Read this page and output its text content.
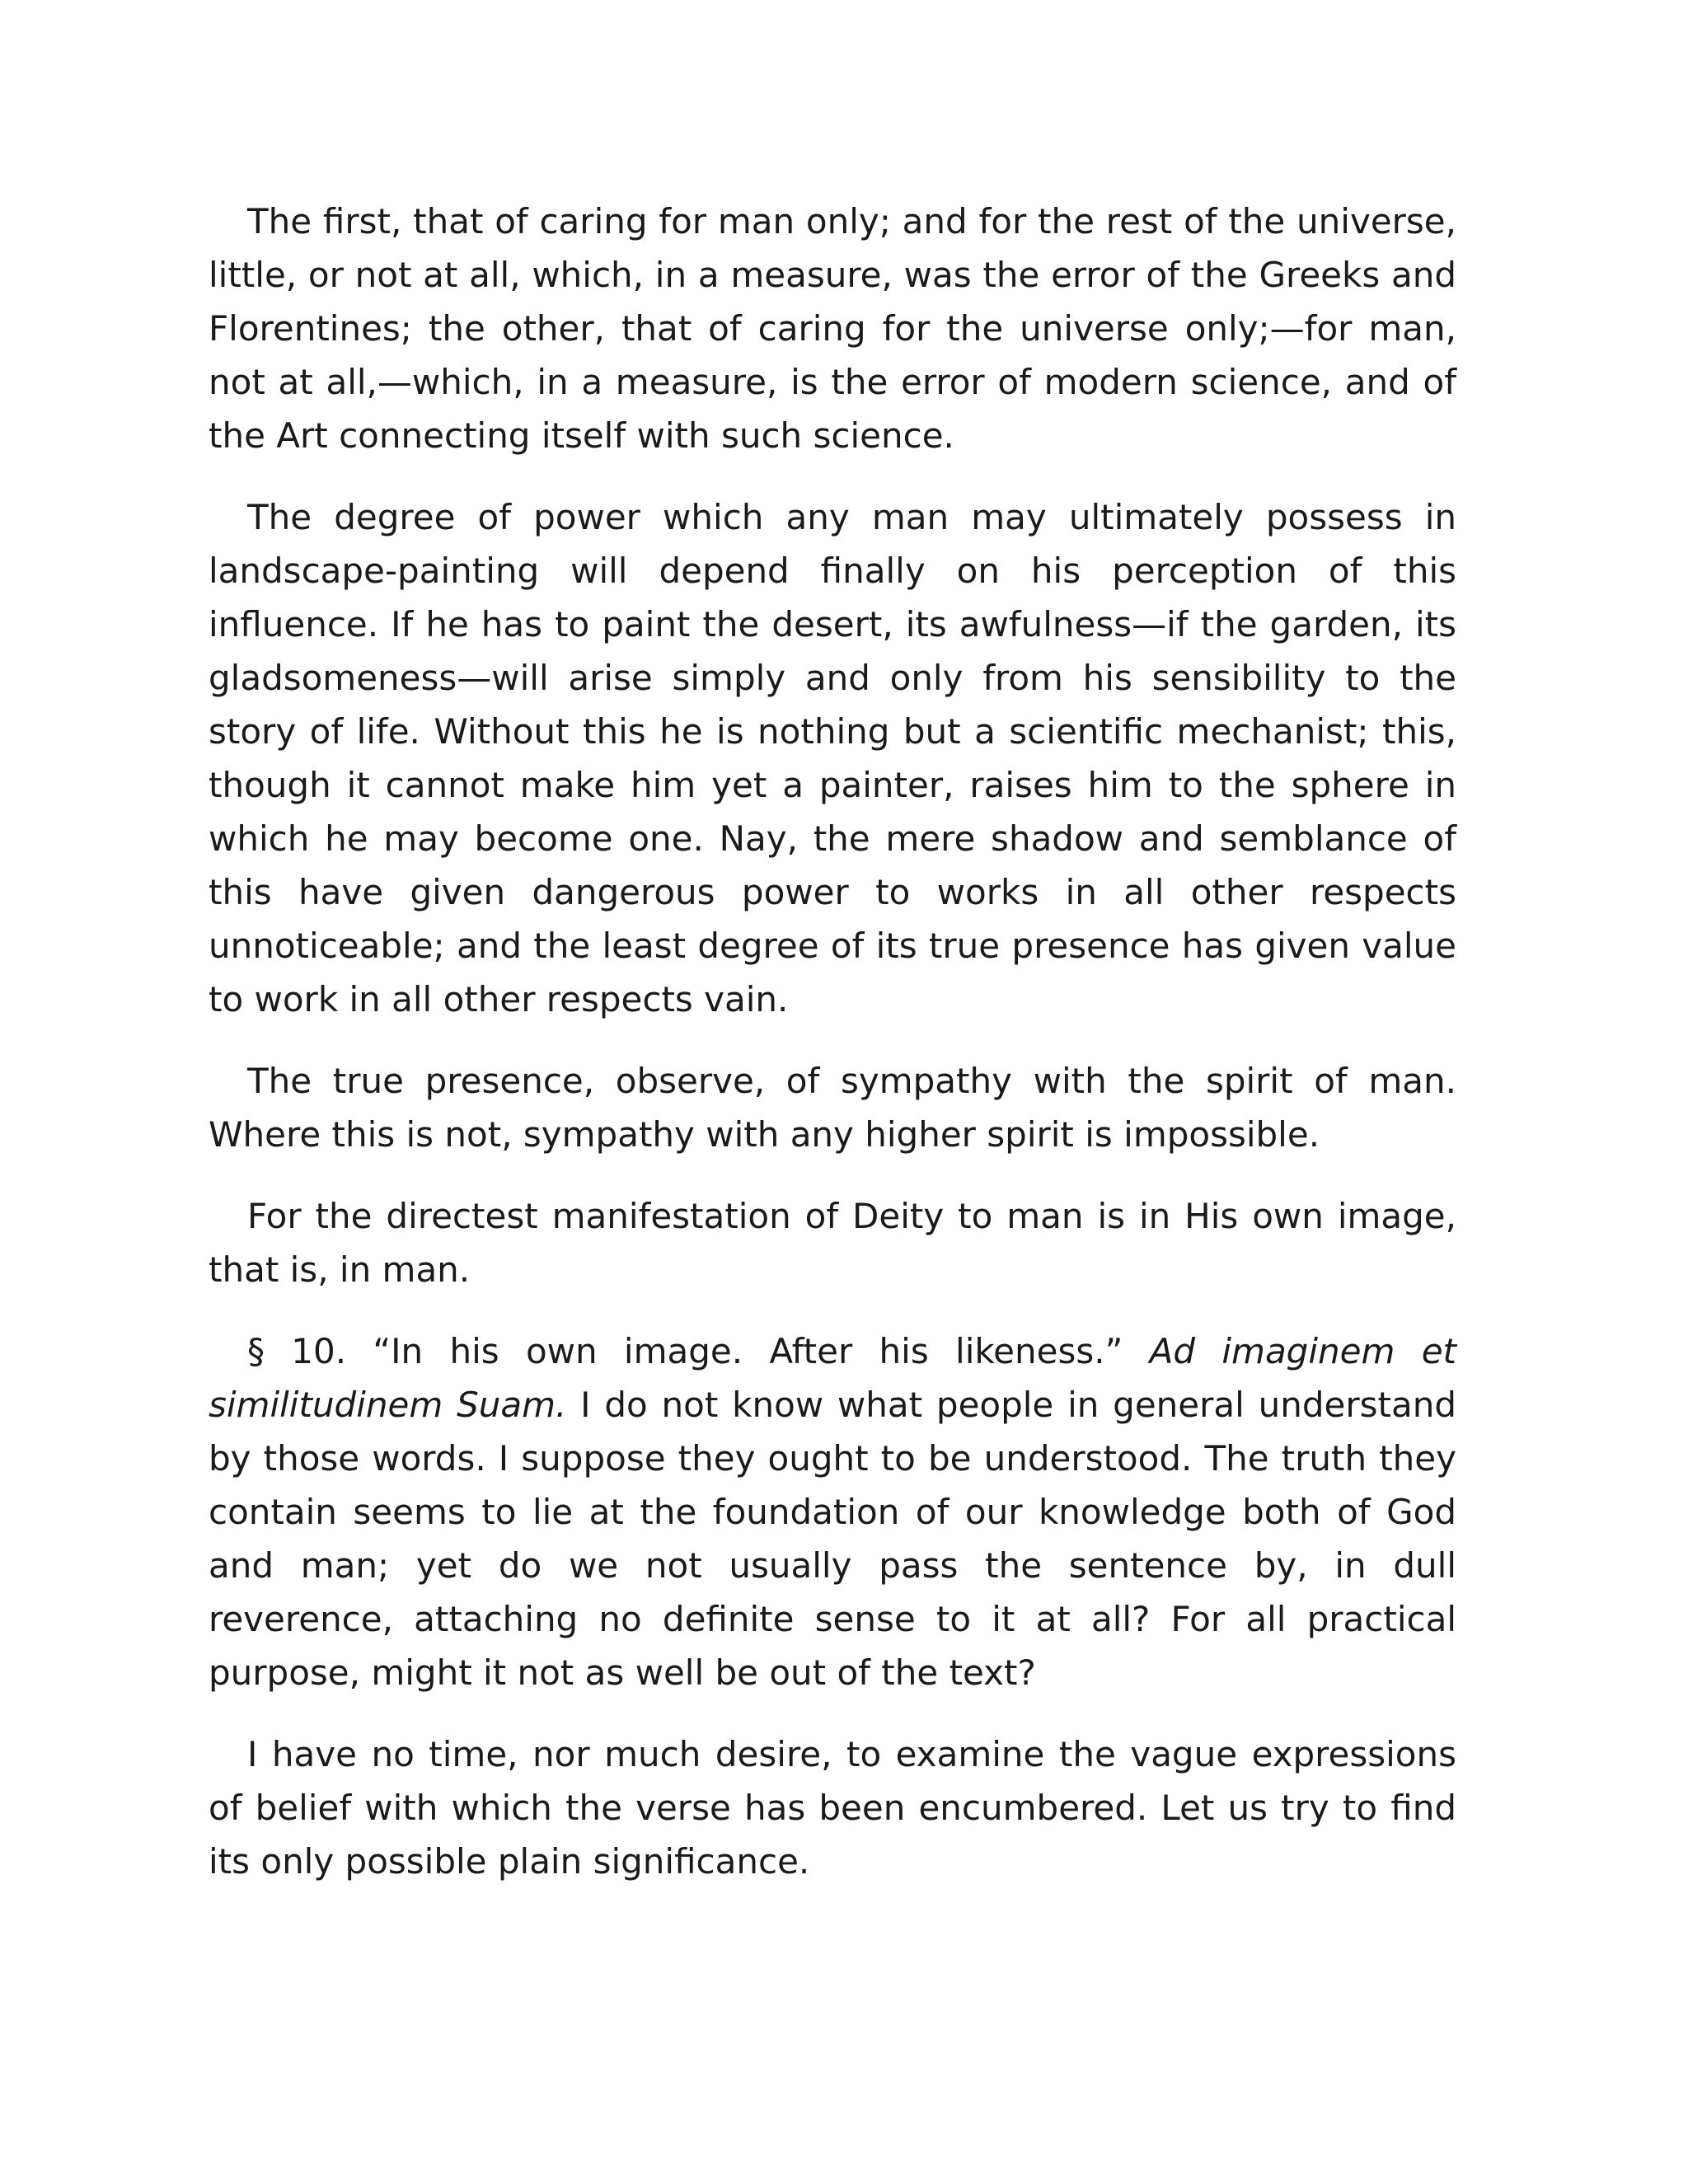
The first, that of caring for man only; and for the rest of the universe, little, or not at all, which, in a measure, was the error of the Greeks and Florentines; the other, that of caring for the universe only;—for man, not at all,—which, in a measure, is the error of modern science, and of the Art connecting itself with such science.

The degree of power which any man may ultimately possess in landscape-painting will depend finally on his perception of this influence. If he has to paint the desert, its awfulness—if the garden, its gladsomeness—will arise simply and only from his sensibility to the story of life. Without this he is nothing but a scientific mechanist; this, though it cannot make him yet a painter, raises him to the sphere in which he may become one. Nay, the mere shadow and semblance of this have given dangerous power to works in all other respects unnoticeable; and the least degree of its true presence has given value to work in all other respects vain.

The true presence, observe, of sympathy with the spirit of man. Where this is not, sympathy with any higher spirit is impossible.

For the directest manifestation of Deity to man is in His own image, that is, in man.

§ 10. “In his own image. After his likeness.” Ad imaginem et similitudinem Suam. I do not know what people in general understand by those words. I suppose they ought to be understood. The truth they contain seems to lie at the foundation of our knowledge both of God and man; yet do we not usually pass the sentence by, in dull reverence, attaching no definite sense to it at all? For all practical purpose, might it not as well be out of the text?

I have no time, nor much desire, to examine the vague expressions of belief with which the verse has been encumbered. Let us try to find its only possible plain significance.
